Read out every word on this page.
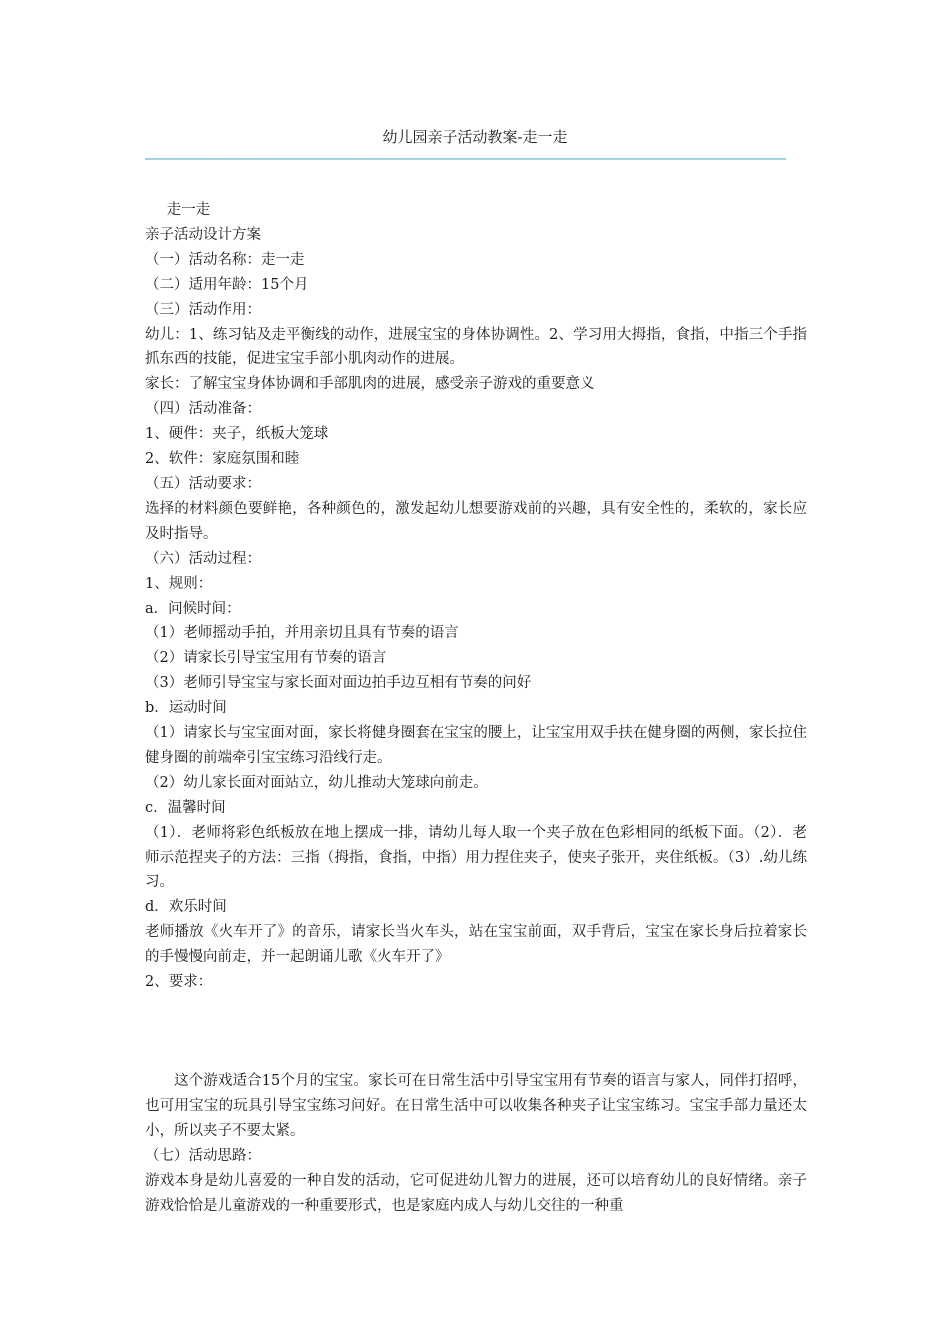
幼儿园亲子活动教案-走一走
———————————————————————————————————————————————————————————————————————

走一走

亲子活动设计方案

（一）活动名称：走一走

（二）适用年龄：15个月

（三）活动作用：

幼儿：1、练习钻及走平衡线的动作，进展宝宝的身体协调性。2、学习用大拇指，食指，中指三个手指抓东西的技能，促进宝宝手部小肌肉动作的进展。

家长：了解宝宝身体协调和手部肌肉的进展，感受亲子游戏的重要意义

（四）活动准备：

1、硬件：夹子，纸板大笼球

2、软件：家庭氛围和睦

（五）活动要求：

选择的材料颜色要鲜艳，各种颜色的，激发起幼儿想要游戏前的兴趣，具有安全性的，柔软的，家长应及时指导。

（六）活动过程：

1、规则：

a．问候时间：

（1）老师摇动手拍，并用亲切且具有节奏的语言

（2）请家长引导宝宝用有节奏的语言

（3）老师引导宝宝与家长面对面边拍手边互相有节奏的问好

b．运动时间

（1）请家长与宝宝面对面，家长将健身圈套在宝宝的腰上，让宝宝用双手扶在健身圈的两侧，家长拉住健身圈的前端牵引宝宝练习沿线行走。

（2）幼儿家长面对面站立，幼儿推动大笼球向前走。

c．温馨时间

（1）．老师将彩色纸板放在地上摆成一排，请幼儿每人取一个夹子放在色彩相同的纸板下面。（2）．老师示范捏夹子的方法：三指（拇指，食指，中指）用力捏住夹子，使夹子张开，夹住纸板。（3）.幼儿练习。

d．欢乐时间

老师播放《火车开了》的音乐，请家长当火车头，站在宝宝前面，双手背后，宝宝在家长身后拉着家长的手慢慢向前走，并一起朗诵儿歌《火车开了》

2、要求：

这个游戏适合15个月的宝宝。家长可在日常生活中引导宝宝用有节奏的语言与家人，同伴打招呼，也可用宝宝的玩具引导宝宝练习问好。在日常生活中可以收集各种夹子让宝宝练习。宝宝手部力量还太小，所以夹子不要太紧。

（七）活动思路：

游戏本身是幼儿喜爱的一种自发的活动，它可促进幼儿智力的进展，还可以培育幼儿的良好情绪。亲子游戏恰恰是儿童游戏的一种重要形式，也是家庭内成人与幼儿交往的一种重
